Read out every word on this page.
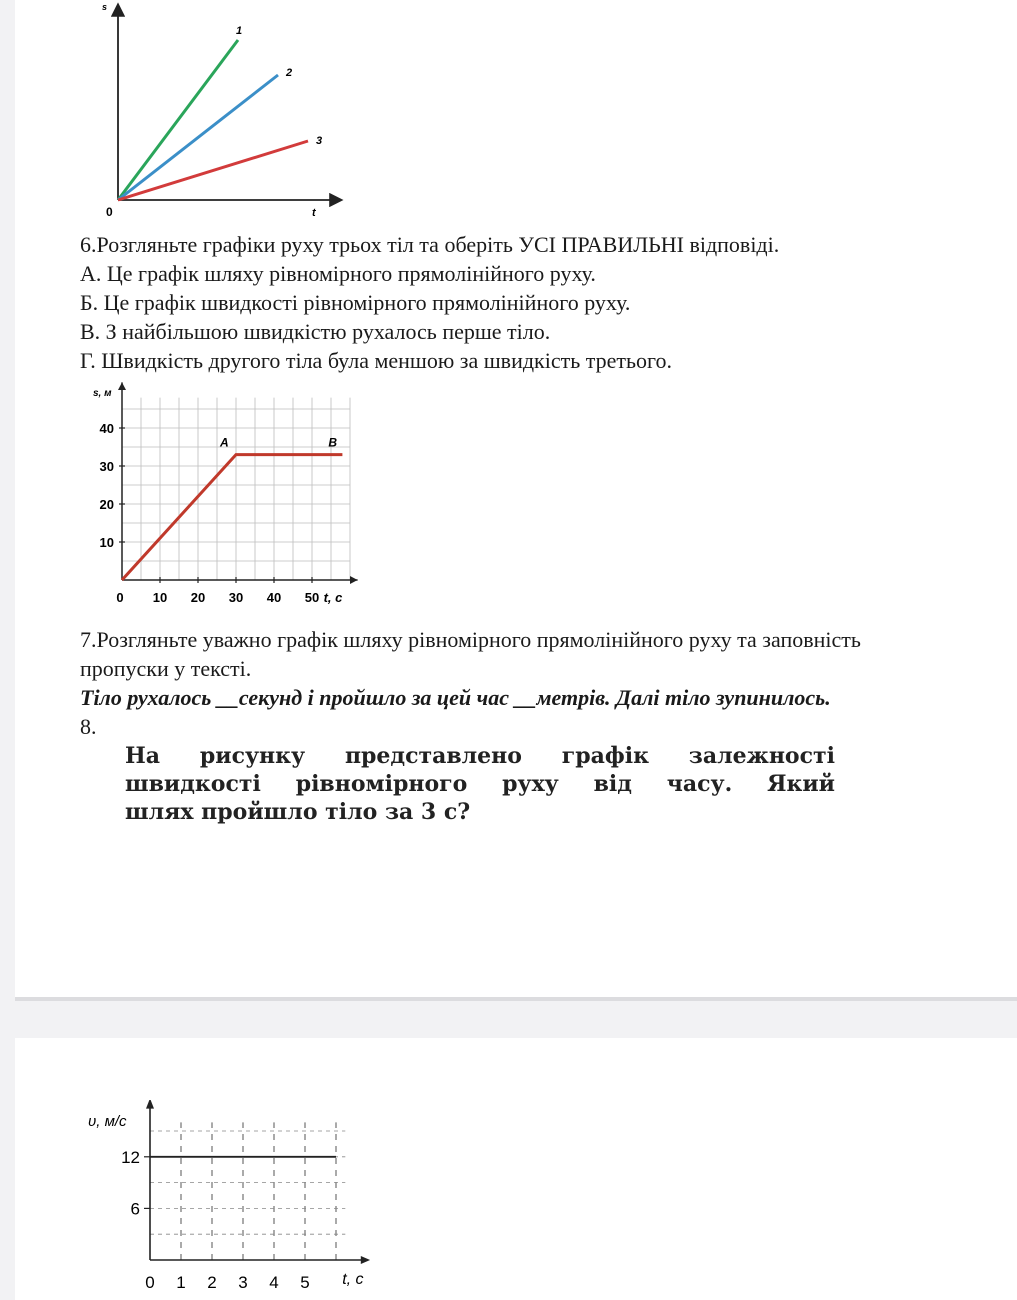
s
t
0
1
2
3
6.Розгляньте графіки руху трьох тіл та оберіть УСІ ПРАВИЛЬНІ відповіді.
А. Це графік шляху рівномірного прямолінійного руху.
Б. Це графік швидкості рівномірного прямолінійного руху.
В. З найбільшою швидкістю рухалось перше тіло.
Г. Швидкість другого тіла була меншою за швидкість третього.
s, м
10
20
30
40
0 10 20 30 40 50 t, c
A	B
7.Розгляньте уважно графік шляху рівномірного прямолінійного руху та заповність
пропуски у тексті.
Тіло рухалось __секунд і пройшло за цей час __метрів. Далі тіло зупинилось.
8.
На рисунку представлено графік залежності
швидкості рівномірного руху від часу. Який
шлях пройшло тіло за 3 с?
υ, м/с
6
12
0 1 2 3 4 5 t, c
